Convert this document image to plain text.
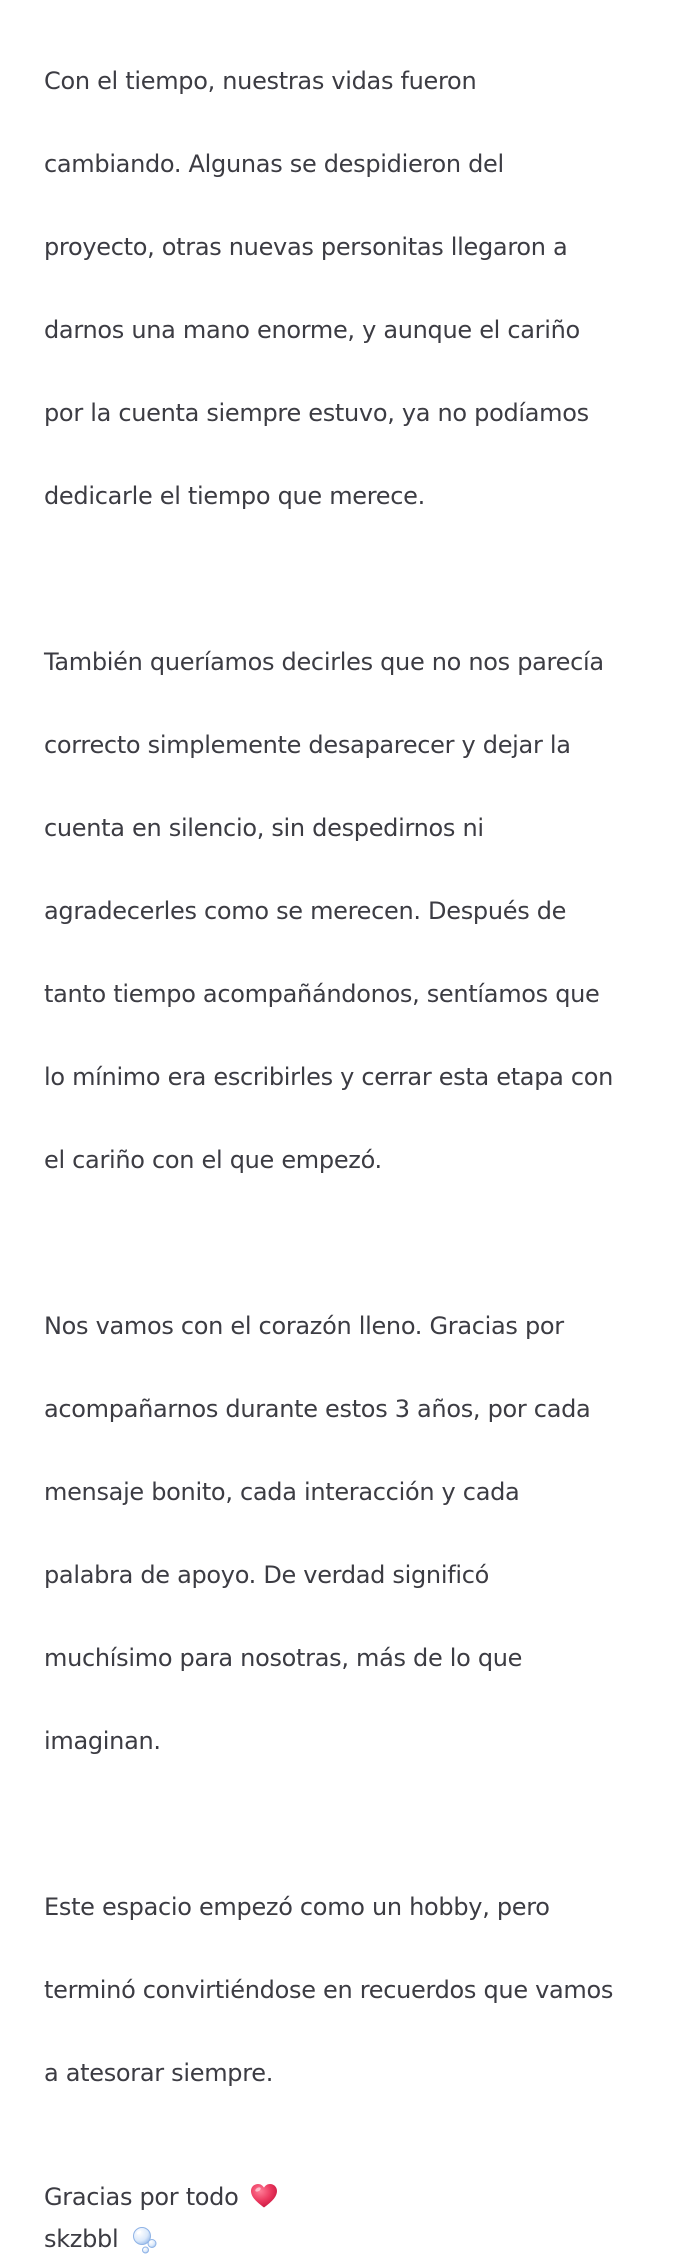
Con el tiempo, nuestras vidas fueron

cambiando. Algunas se despidieron del

proyecto, otras nuevas personitas llegaron a

darnos una mano enorme, y aunque el cariño

por la cuenta siempre estuvo, ya no podíamos

dedicarle el tiempo que merece.

También queríamos decirles que no nos parecía

correcto simplemente desaparecer y dejar la

cuenta en silencio, sin despedirnos ni

agradecerles como se merecen. Después de

tanto tiempo acompañándonos, sentíamos que

lo mínimo era escribirles y cerrar esta etapa con

el cariño con el que empezó.

Nos vamos con el corazón lleno. Gracias por

acompañarnos durante estos 3 años, por cada

mensaje bonito, cada interacción y cada

palabra de apoyo. De verdad significó

muchísimo para nosotras, más de lo que

imaginan.

Este espacio empezó como un hobby, pero

terminó convirtiéndose en recuerdos que vamos

a atesorar siempre.

Gracias por todo
skzbbl
